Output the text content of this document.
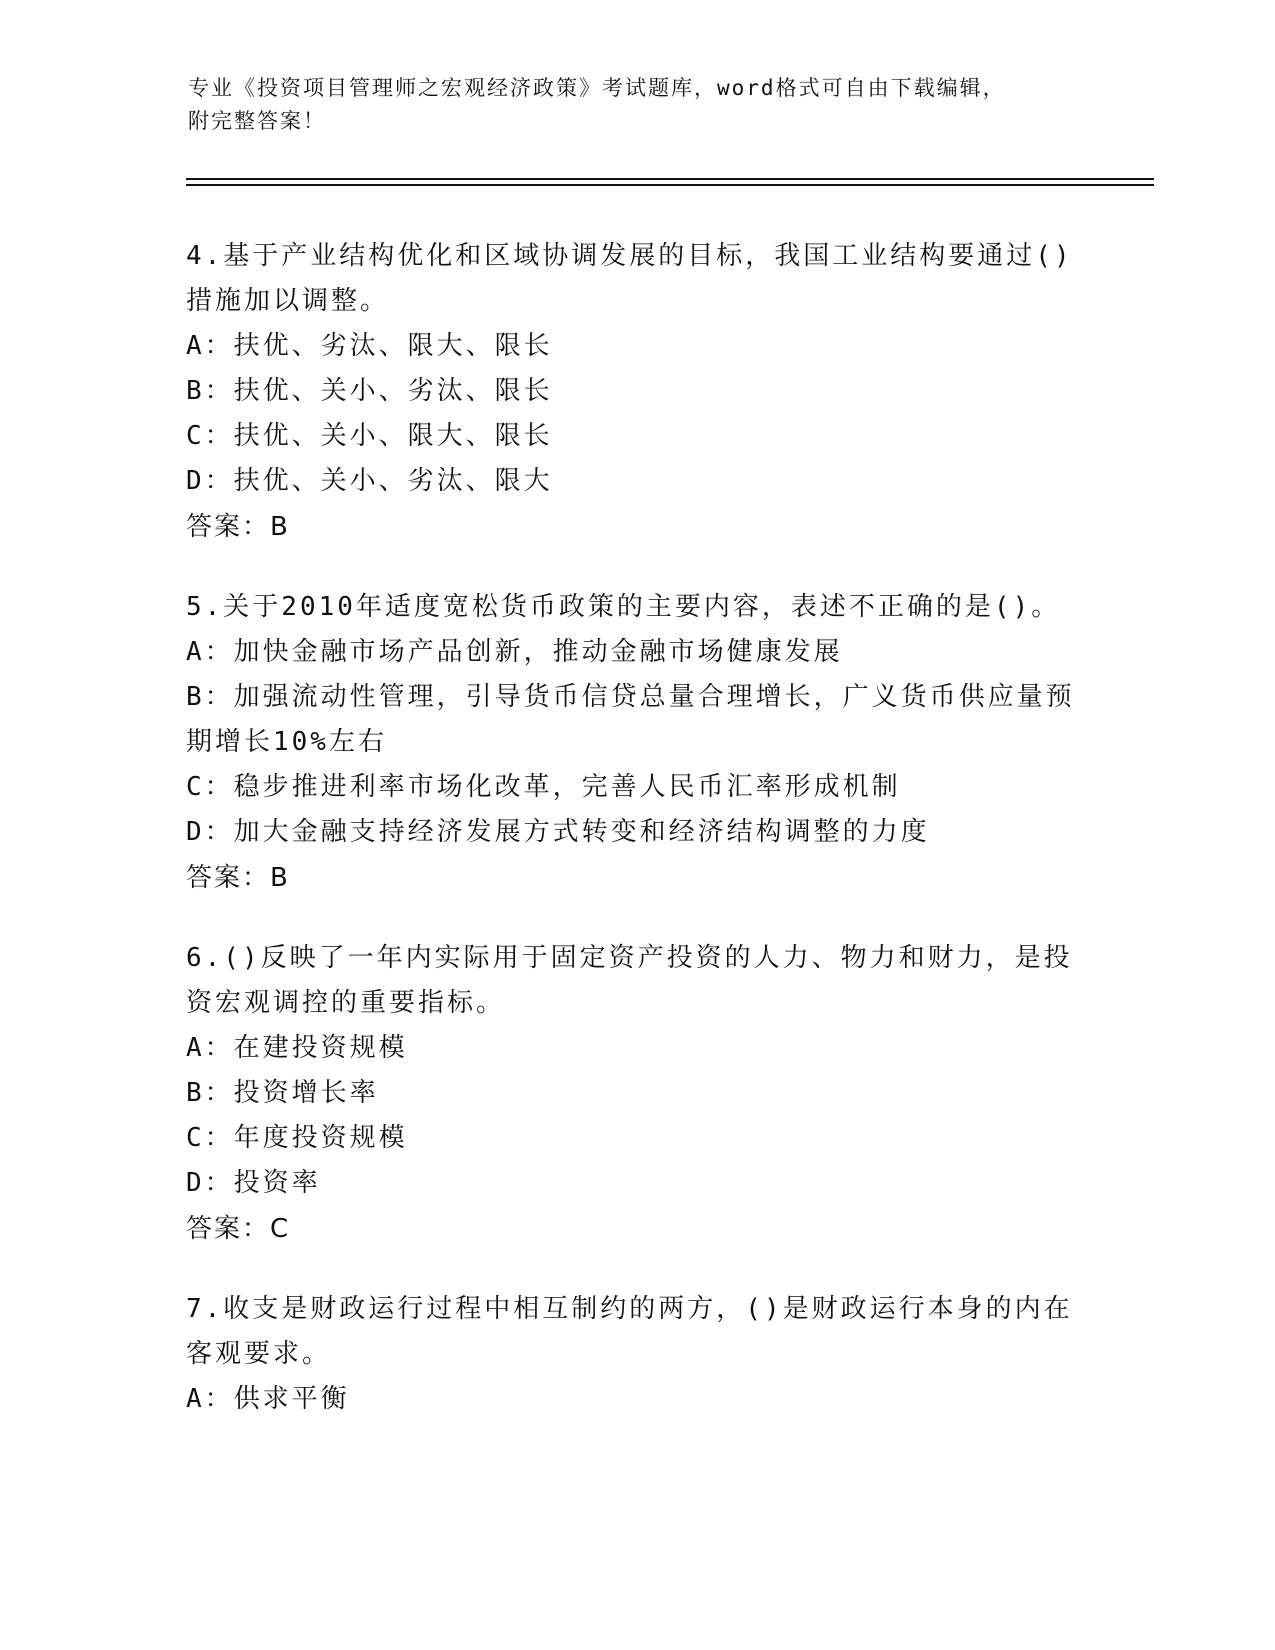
专业《投资项目管理师之宏观经济政策》考试题库，word格式可自由下载编辑，
附完整答案！
4.基于产业结构优化和区域协调发展的目标，我国工业结构要通过()措施加以调整。
A：扶优、劣汰、限大、限长
B：扶优、关小、劣汰、限长
C：扶优、关小、限大、限长
D：扶优、关小、劣汰、限大
答案：B
5.关于2010年适度宽松货币政策的主要内容，表述不正确的是()。
A：加快金融市场产品创新，推动金融市场健康发展
B：加强流动性管理，引导货币信贷总量合理增长，广义货币供应量预期增长10%左右
C：稳步推进利率市场化改革，完善人民币汇率形成机制
D：加大金融支持经济发展方式转变和经济结构调整的力度
答案：B
6.()反映了一年内实际用于固定资产投资的人力、物力和财力，是投资宏观调控的重要指标。
A：在建投资规模
B：投资增长率
C：年度投资规模
D：投资率
答案：C
7.收支是财政运行过程中相互制约的两方，()是财政运行本身的内在客观要求。
A：供求平衡
